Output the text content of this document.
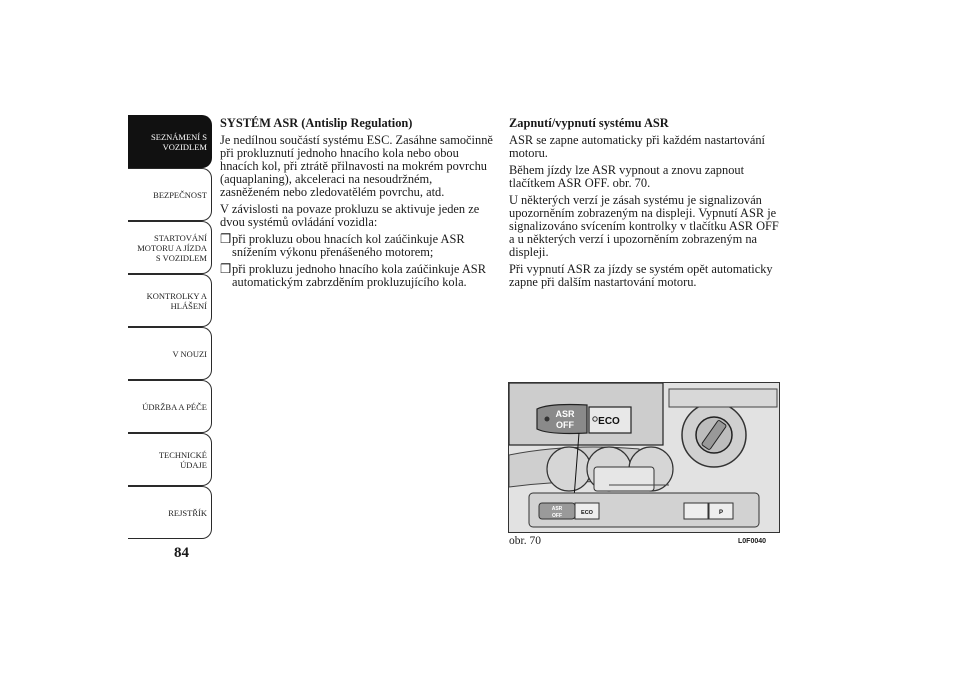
SEZNÁMENÍ S
VOZIDLEM
BEZPEČNOST
STARTOVÁNÍ
MOTORU A JÍZDA
S VOZIDLEM
KONTROLKY A
HLÁŠENÍ
V NOUZI
ÚDRŽBA A PÉČE
TECHNICKÉ
ÚDAJE
REJSTŘÍK
84
SYSTÉM ASR (Antislip Regulation)

Je nedílnou součástí systému ESC. Zasáhne samočinně při prokluznutí jednoho hnacího kola nebo obou hnacích kol, při ztrátě přilnavosti na mokrém povrchu (aquaplaning), akceleraci na nesoudržném, zasněženém nebo zledovatělém povrchu, atd.

V závislosti na povaze prokluzu se aktivuje jeden ze dvou systémů ovládání vozidla:

❒ při prokluzu obou hnacích kol zaúčinkuje ASR snížením výkonu přenášeného motorem;
❒ při prokluzu jednoho hnacího kola zaúčinkuje ASR automatickým zabrzděním prokluzujícího kola.
Zapnutí/vypnutí systému ASR

ASR se zapne automaticky při každém nastartování motoru.

Během jízdy lze ASR vypnout a znovu zapnout tlačítkem ASR OFF. obr. 70.

U některých verzí je zásah systému je signalizován upozorněním zobrazeným na displeji. Vypnutí ASR je signalizováno svícením kontrolky v tlačítku ASR OFF a u některých verzí i upozorněním zobrazeným na displeji.

Při vypnutí ASR za jízdy se systém opět automaticky zapne při dalším nastartování motoru.

ASR
OFF ECO
ASR
OFF	ECO	P
obr. 70	L0F0040
